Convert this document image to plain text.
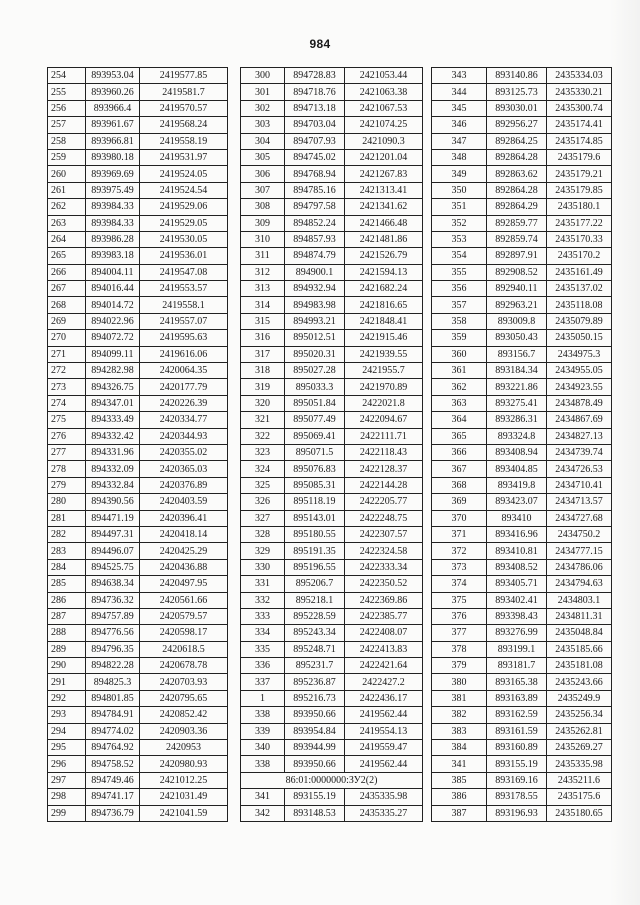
984
254	893953.04	2419577.85
255	893960.26	2419581.7
256	893966.4	2419570.57
257	893961.67	2419568.24
258	893966.81	2419558.19
259	893980.18	2419531.97
260	893969.69	2419524.05
261	893975.49	2419524.54
262	893984.33	2419529.06
263	893984.33	2419529.05
264	893986.28	2419530.05
265	893983.18	2419536.01
266	894004.11	2419547.08
267	894016.44	2419553.57
268	894014.72	2419558.1
269	894022.96	2419557.07
270	894072.72	2419595.63
271	894099.11	2419616.06
272	894282.98	2420064.35
273	894326.75	2420177.79
274	894347.01	2420226.39
275	894333.49	2420334.77
276	894332.42	2420344.93
277	894331.96	2420355.02
278	894332.09	2420365.03
279	894332.84	2420376.89
280	894390.56	2420403.59
281	894471.19	2420396.41
282	894497.31	2420418.14
283	894496.07	2420425.29
284	894525.75	2420436.88
285	894638.34	2420497.95
286	894736.32	2420561.66
287	894757.89	2420579.57
288	894776.56	2420598.17
289	894796.35	2420618.5
290	894822.28	2420678.78
291	894825.3	2420703.93
292	894801.85	2420795.65
293	894784.91	2420852.42
294	894774.02	2420903.36
295	894764.92	2420953
296	894758.52	2420980.93
297	894749.46	2421012.25
298	894741.17	2421031.49
299	894736.79	2421041.59
300	894728.83	2421053.44
301	894718.76	2421063.38
302	894713.18	2421067.53
303	894703.04	2421074.25
304	894707.93	2421090.3
305	894745.02	2421201.04
306	894768.94	2421267.83
307	894785.16	2421313.41
308	894797.58	2421341.62
309	894852.24	2421466.48
310	894857.93	2421481.86
311	894874.79	2421526.79
312	894900.1	2421594.13
313	894932.94	2421682.24
314	894983.98	2421816.65
315	894993.21	2421848.41
316	895012.51	2421915.46
317	895020.31	2421939.55
318	895027.28	2421955.7
319	895033.3	2421970.89
320	895051.84	2422021.8
321	895077.49	2422094.67
322	895069.41	2422111.71
323	895071.5	2422118.43
324	895076.83	2422128.37
325	895085.31	2422144.28
326	895118.19	2422205.77
327	895143.01	2422248.75
328	895180.55	2422307.57
329	895191.35	2422324.58
330	895196.55	2422333.34
331	895206.7	2422350.52
332	895218.1	2422369.86
333	895228.59	2422385.77
334	895243.34	2422408.07
335	895248.71	2422413.83
336	895231.7	2422421.64
337	895236.87	2422427.2
1	895216.73	2422436.17
338	893950.66	2419562.44
339	893954.84	2419554.13
340	893944.99	2419559.47
338	893950.66	2419562.44
86:01:0000000:ЗУ2(2)		
341	893155.19	2435335.98
342	893148.53	2435335.27
343	893140.86	2435334.03
344	893125.73	2435330.21
345	893030.01	2435300.74
346	892956.27	2435174.41
347	892864.25	2435174.85
348	892864.28	2435179.6
349	892863.62	2435179.21
350	892864.28	2435179.85
351	892864.29	2435180.1
352	892859.77	2435177.22
353	892859.74	2435170.33
354	892897.91	2435170.2
355	892908.52	2435161.49
356	892940.11	2435137.02
357	892963.21	2435118.08
358	893009.8	2435079.89
359	893050.43	2435050.15
360	893156.7	2434975.3
361	893184.34	2434955.05
362	893221.86	2434923.55
363	893275.41	2434878.49
364	893286.31	2434867.69
365	893324.8	2434827.13
366	893408.94	2434739.74
367	893404.85	2434726.53
368	893419.8	2434710.41
369	893423.07	2434713.57
370	893410	2434727.68
371	893416.96	2434750.2
372	893410.81	2434777.15
373	893408.52	2434786.06
374	893405.71	2434794.63
375	893402.41	2434803.1
376	893398.43	2434811.31
377	893276.99	2435048.84
378	893199.1	2435185.66
379	893181.7	2435181.08
380	893165.38	2435243.66
381	893163.89	2435249.9
382	893162.59	2435256.34
383	893161.59	2435262.81
384	893160.89	2435269.27
341	893155.19	2435335.98
385	893169.16	2435211.6
386	893178.55	2435175.6
387	893196.93	2435180.65
